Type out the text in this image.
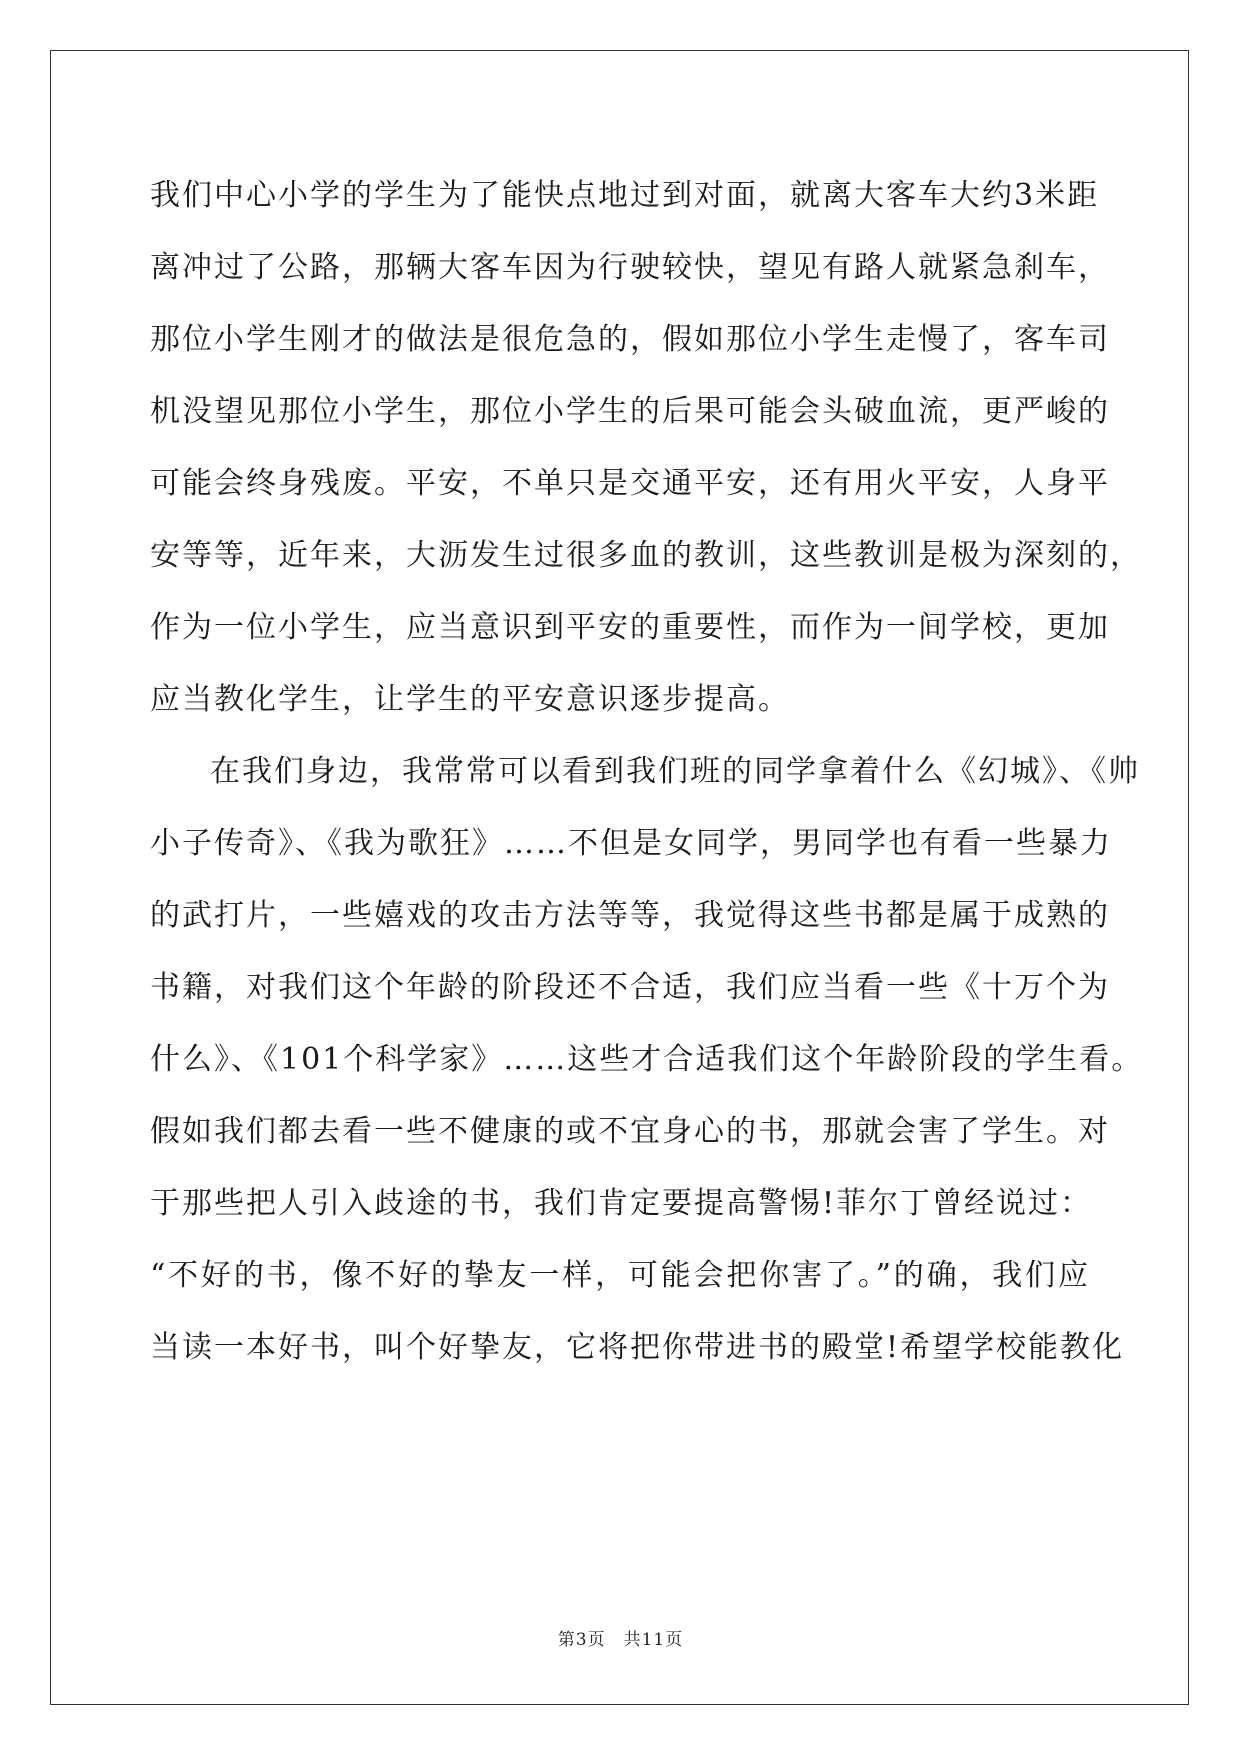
我们中心小学的学生为了能快点地过到对面，就离大客车大约3米距
离冲过了公路，那辆大客车因为行驶较快，望见有路人就紧急刹车，
那位小学生刚才的做法是很危急的，假如那位小学生走慢了，客车司
机没望见那位小学生，那位小学生的后果可能会头破血流，更严峻的
可能会终身残废。平安，不单只是交通平安，还有用火平安，人身平
安等等，近年来，大沥发生过很多血的教训，这些教训是极为深刻的，
作为一位小学生，应当意识到平安的重要性，而作为一间学校，更加
应当教化学生，让学生的平安意识逐步提高。
在我们身边，我常常可以看到我们班的同学拿着什么《幻城》、《帅
小子传奇》、《我为歌狂》……不但是女同学，男同学也有看一些暴力
的武打片，一些嬉戏的攻击方法等等，我觉得这些书都是属于成熟的
书籍，对我们这个年龄的阶段还不合适，我们应当看一些《十万个为
什么》、《101个科学家》……这些才合适我们这个年龄阶段的学生看。
假如我们都去看一些不健康的或不宜身心的书，那就会害了学生。对
于那些把人引入歧途的书，我们肯定要提高警惕!菲尔丁曾经说过：
“不好的书，像不好的挚友一样，可能会把你害了。”的确，我们应
当读一本好书，叫个好挚友，它将把你带进书的殿堂!希望学校能教化
第3页　共11页
